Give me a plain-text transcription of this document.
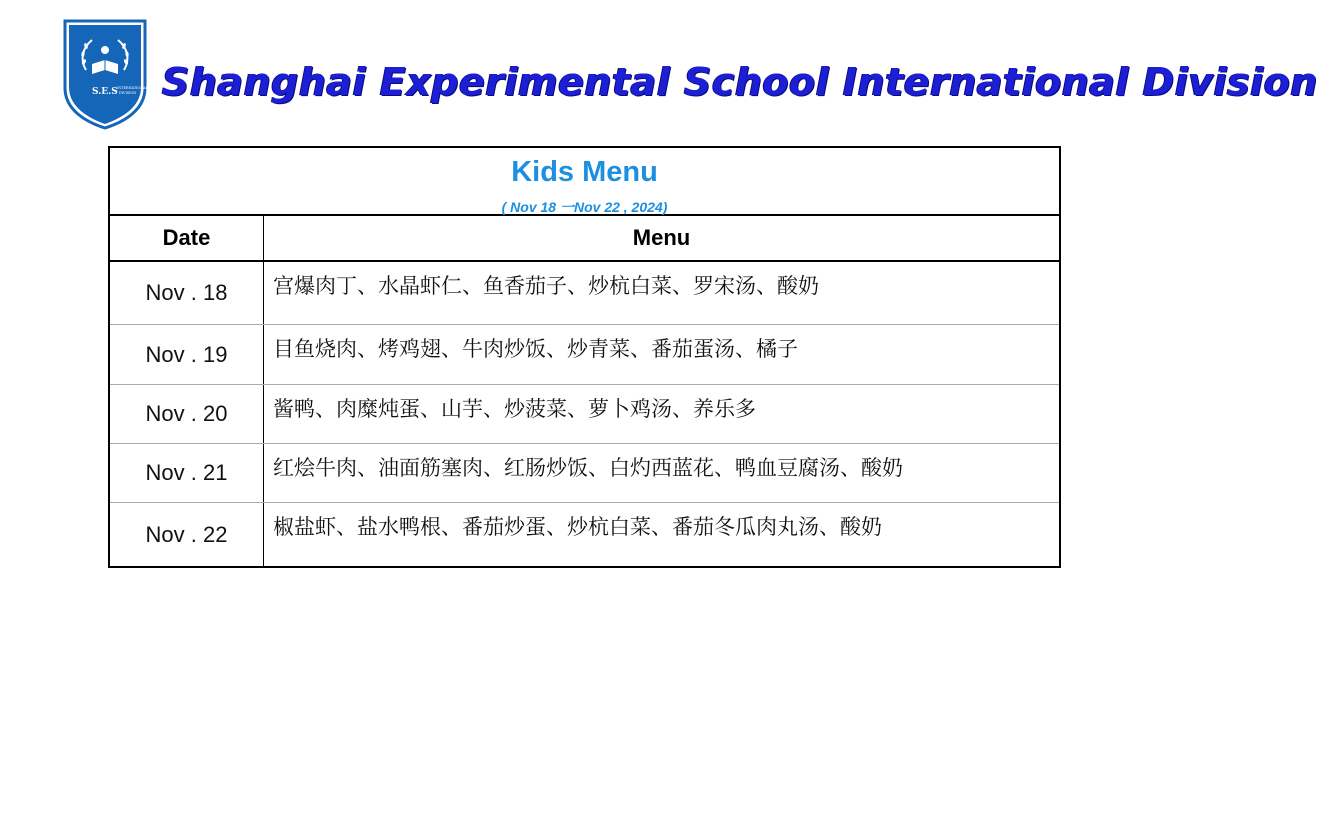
S.E.S INTERNATIONAL
DIVISION Shanghai Experimental School International Division
Kids Menu
( Nov 18 一Nov 22 , 2024)
Date	Menu
Nov . 18	宫爆肉丁、水晶虾仁、鱼香茄子、炒杭白菜、罗宋汤、酸奶
Nov . 19	目鱼烧肉、烤鸡翅、牛肉炒饭、炒青菜、番茄蛋汤、橘子
Nov . 20	酱鸭、肉糜炖蛋、山芋、炒菠菜、萝卜鸡汤、养乐多
Nov . 21	红烩牛肉、油面筋塞肉、红肠炒饭、白灼西蓝花、鸭血豆腐汤、酸奶
Nov . 22	椒盐虾、盐水鸭根、番茄炒蛋、炒杭白菜、番茄冬瓜肉丸汤、酸奶
